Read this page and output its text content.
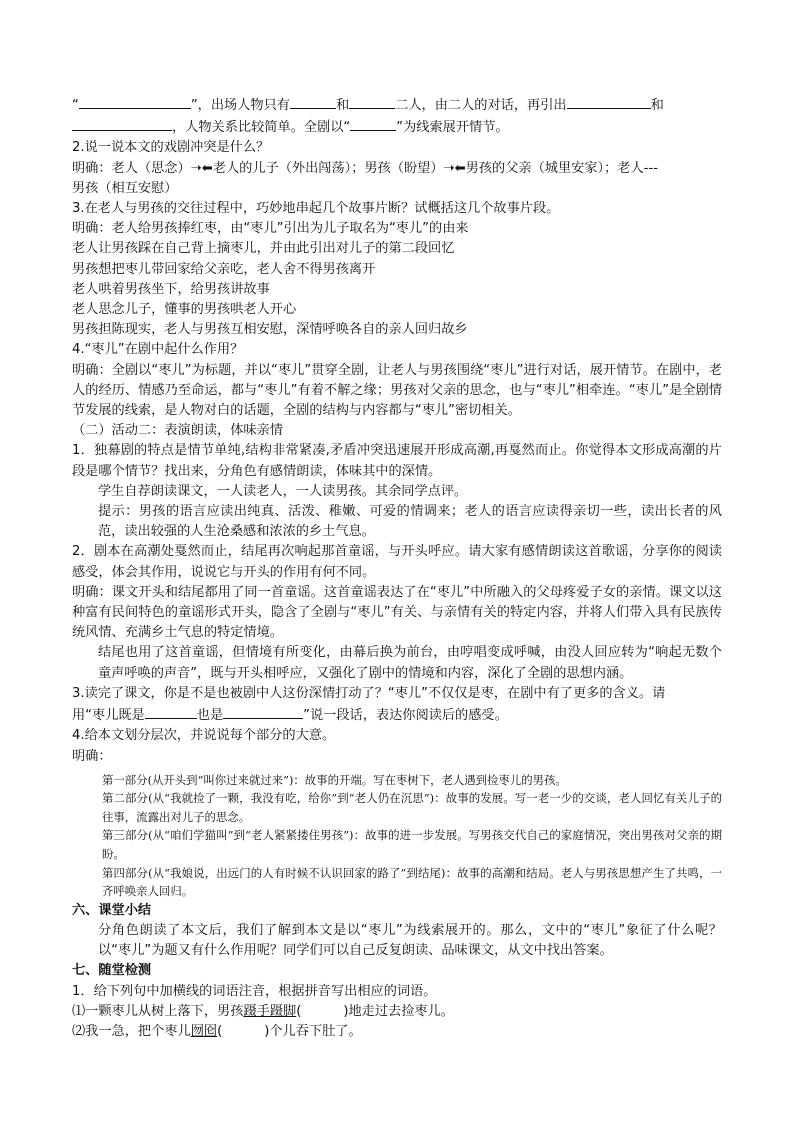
“	”，出场人物只有	和	二人，由二人的对话，再引出	和

，人物关系比较简单。全剧以“	”为线索展开情节。

2.说一说本文的戏剧冲突是什么？

明确：老人（思念）➝⬅老人的儿子（外出闯荡）；男孩（盼望）➝⬅男孩的父亲（城里安家）；老人---

男孩（相互安慰）

3.在老人与男孩的交往过程中，巧妙地串起几个故事片断？试概括这几个故事片段。

明确：老人给男孩捧红枣，由“枣儿”引出为儿子取名为“枣儿”的由来

老人让男孩踩在自己背上摘枣儿，并由此引出对儿子的第二段回忆

男孩想把枣儿带回家给父亲吃，老人舍不得男孩离开

老人哄着男孩坐下，给男孩讲故事

老人思念儿子，懂事的男孩哄老人开心

男孩担陈现实，老人与男孩互相安慰，深情呼唤各自的亲人回归故乡

4.“枣儿”在剧中起什么作用？

明确：全剧以“枣儿”为标题，并以“枣儿”贯穿全剧，让老人与男孩围绕“枣儿”进行对话，展开情节。在剧中，老人的经历、情感乃至命运，都与“枣儿”有着不解之缘；男孩对父亲的思念，也与“枣儿”相牵连。“枣儿”是全剧情节发展的线索，是人物对白的话题，全剧的结构与内容都与“枣儿”密切相关。

（二）活动二：表演朗读，体味亲情

1．独幕剧的特点是情节单纯,结构非常紧凑,矛盾冲突迅速展开形成高潮,再戛然而止。你觉得本文形成高潮的片段是哪个情节？找出来，分角色有感情朗读，体味其中的深情。

学生自荐朗读课文，一人读老人，一人读男孩。其余同学点评。

提示：男孩的语言应读出纯真、活泼、稚嫩、可爱的情调来；老人的语言应读得亲切一些，读出长者的风范，读出较强的人生沧桑感和浓浓的乡土气息。

2．剧本在高潮处戛然而止，结尾再次响起那首童谣，与开头呼应。请大家有感情朗读这首歌谣，分享你的阅读感受，体会其作用，说说它与开头的作用有何不同。

明确：课文开头和结尾都用了同一首童谣。这首童谣表达了在“枣儿”中所融入的父母疼爱子女的亲情。课文以这种富有民间特色的童谣形式开头，隐含了全剧与“枣儿”有关、与亲情有关的特定内容，并将人们带入具有民族传统风情、充满乡土气息的特定情境。

结尾也用了这首童谣，但情境有所变化，由幕后换为前台，由哼唱变成呼喊，由没人回应转为“响起无数个童声呼唤的声音”，既与开头相呼应，又强化了剧中的情境和内容，深化了全剧的思想内涵。

3.读完了课文，你是不是也被剧中人这份深情打动了？“枣儿”不仅仅是枣，在剧中有了更多的含义。请

用“枣儿既是	也是	”说一段话，表达你阅读后的感受。

4.给本文划分层次，并说说每个部分的大意。

明确：

第一部分(从开头到“叫你过来就过来”)：故事的开端。写在枣树下，老人遇到捡枣儿的男孩。

第二部分(从“我就捡了一颗，我没有吃，给你”到“老人仍在沉思”)：故事的发展。写一老一少的交谈，老人回忆有关儿子的往事，流露出对儿子的思念。

第三部分(从“咱们学猫叫”到“老人紧紧搂住男孩”)：故事的进一步发展。写男孩交代自己的家庭情况，突出男孩对父亲的期盼。

第四部分(从“我娘说，出远门的人有时候不认识回家的路了”到结尾)：故事的高潮和结局。老人与男孩思想产生了共鸣，一齐呼唤亲人回归。

六、课堂小结

分角色朗读了本文后，我们了解到本文是以“枣儿”为线索展开的。那么，文中的“枣儿”象征了什么呢？以“枣儿”为题又有什么作用呢？同学们可以自己反复朗读、品味课文，从文中找出答案。

七、随堂检测

1．给下列句中加横线的词语注音，根据拼音写出相应的词语。

⑴一颗枣儿从树上落下，男孩蹑手蹑脚(	)地走过去捡枣儿。

⑵我一急，把个枣儿囫囵(	)个儿吞下肚了。
